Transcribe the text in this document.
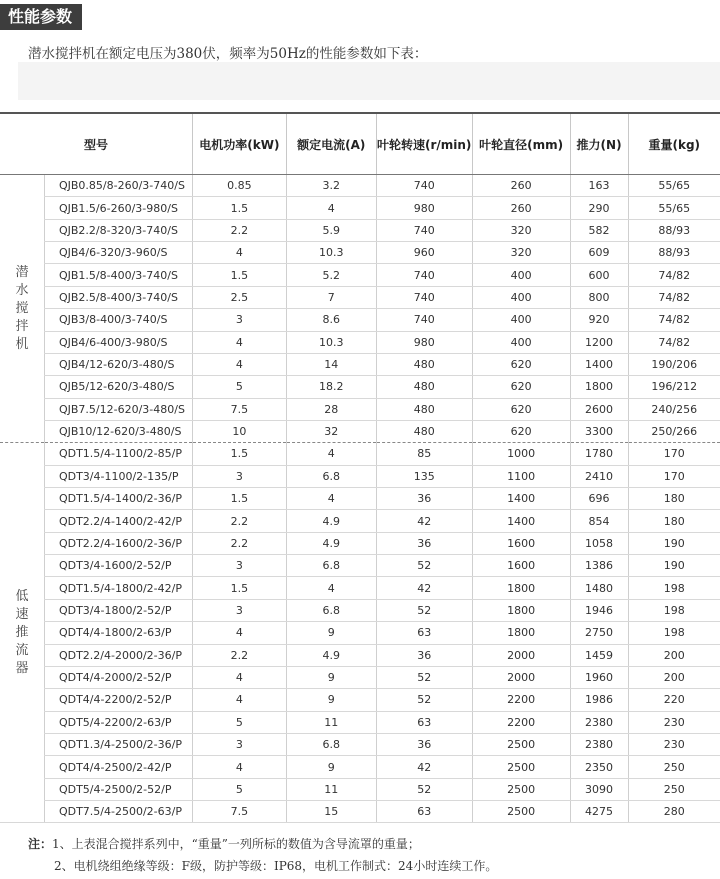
性能参数
潜水搅拌机在额定电压为380伏，频率为50Hz的性能参数如下表：
型号		电机功率(kW)	额定电流(A)	叶轮转速(r/min)	叶轮直径(mm)	推力(N)	重量(kg)

潜
水
搅
拌
机	QJB0.85/8-260/3-740/S	0.85	3.2	740	260	163	55/65
	QJB1.5/6-260/3-980/S	1.5	4	980	260	290	55/65
	QJB2.2/8-320/3-740/S	2.2	5.9	740	320	582	88/93
	QJB4/6-320/3-960/S	4	10.3	960	320	609	88/93
	QJB1.5/8-400/3-740/S	1.5	5.2	740	400	600	74/82
	QJB2.5/8-400/3-740/S	2.5	7	740	400	800	74/82
	QJB3/8-400/3-740/S	3	8.6	740	400	920	74/82
	QJB4/6-400/3-980/S	4	10.3	980	400	1200	74/82
	QJB4/12-620/3-480/S	4	14	480	620	1400	190/206
	QJB5/12-620/3-480/S	5	18.2	480	620	1800	196/212
	QJB7.5/12-620/3-480/S	7.5	28	480	620	2600	240/256
	QJB10/12-620/3-480/S	10	32	480	620	3300	250/266

低
速
推
流
器	QDT1.5/4-1100/2-85/P	1.5	4	85	1000	1780	170
	QDT3/4-1100/2-135/P	3	6.8	135	1100	2410	170
	QDT1.5/4-1400/2-36/P	1.5	4	36	1400	696	180
	QDT2.2/4-1400/2-42/P	2.2	4.9	42	1400	854	180
	QDT2.2/4-1600/2-36/P	2.2	4.9	36	1600	1058	190
	QDT3/4-1600/2-52/P	3	6.8	52	1600	1386	190
	QDT1.5/4-1800/2-42/P	1.5	4	42	1800	1480	198
	QDT3/4-1800/2-52/P	3	6.8	52	1800	1946	198
	QDT4/4-1800/2-63/P	4	9	63	1800	2750	198
	QDT2.2/4-2000/2-36/P	2.2	4.9	36	2000	1459	200
	QDT4/4-2000/2-52/P	4	9	52	2000	1960	200
	QDT4/4-2200/2-52/P	4	9	52	2200	1986	220
	QDT5/4-2200/2-63/P	5	11	63	2200	2380	230
	QDT1.3/4-2500/2-36/P	3	6.8	36	2500	2380	230
	QDT4/4-2500/2-42/P	4	9	42	2500	2350	250
	QDT5/4-2500/2-52/P	5	11	52	2500	3090	250
	QDT7.5/4-2500/2-63/P	7.5	15	63	2500	4275	280
注：1、上表混合搅拌系列中，“重量”一列所标的数值为含导流罩的重量；
2、电机绕组绝缘等级：F级，防护等级：IP68，电机工作制式：24小时连续工作。
